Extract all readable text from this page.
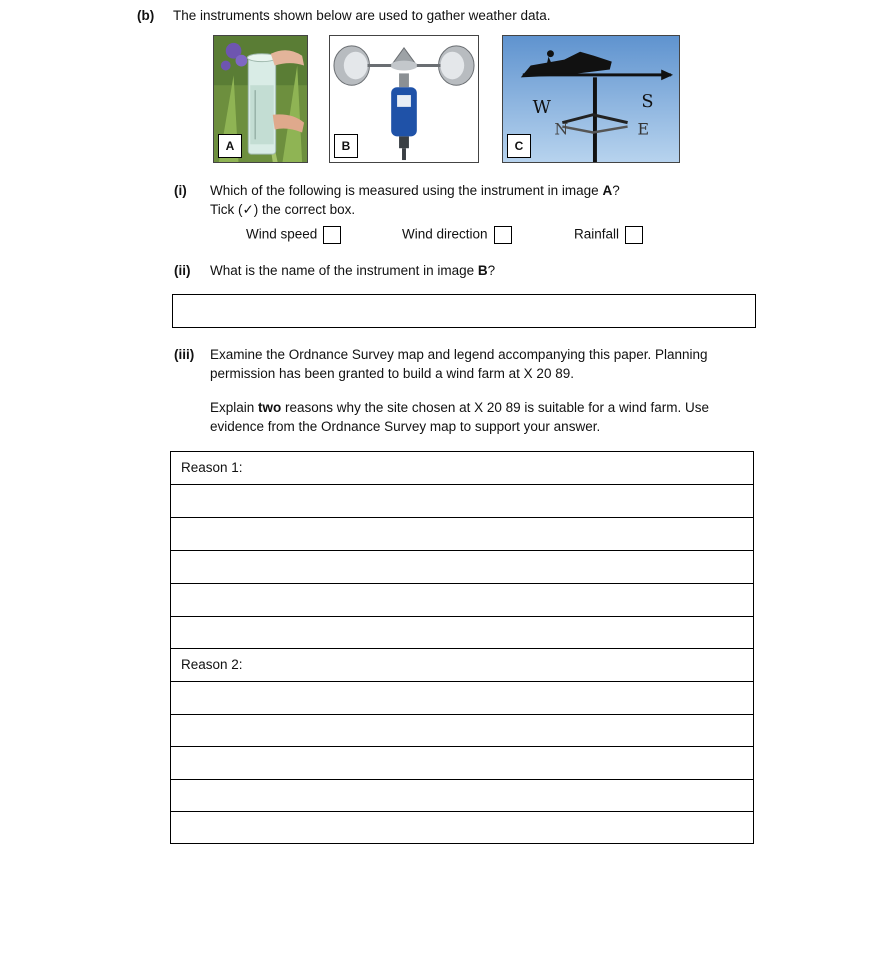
(b) The instruments shown below are used to gather weather data.
A	B
W	S
E
N
C
(i) Which of the following is measured using the instrument in image A?
Tick (✓) the correct box.
Wind speed	Wind direction	Rainfall
(ii) What is the name of the instrument in image B?
(iii) Examine the Ordnance Survey map and legend accompanying this paper. Planning
permission has been granted to build a wind farm at X 20 89.
Explain two reasons why the site chosen at X 20 89 is suitable for a wind farm. Use
evidence from the Ordnance Survey map to support your answer.
Reason 1:
Reason 2:
